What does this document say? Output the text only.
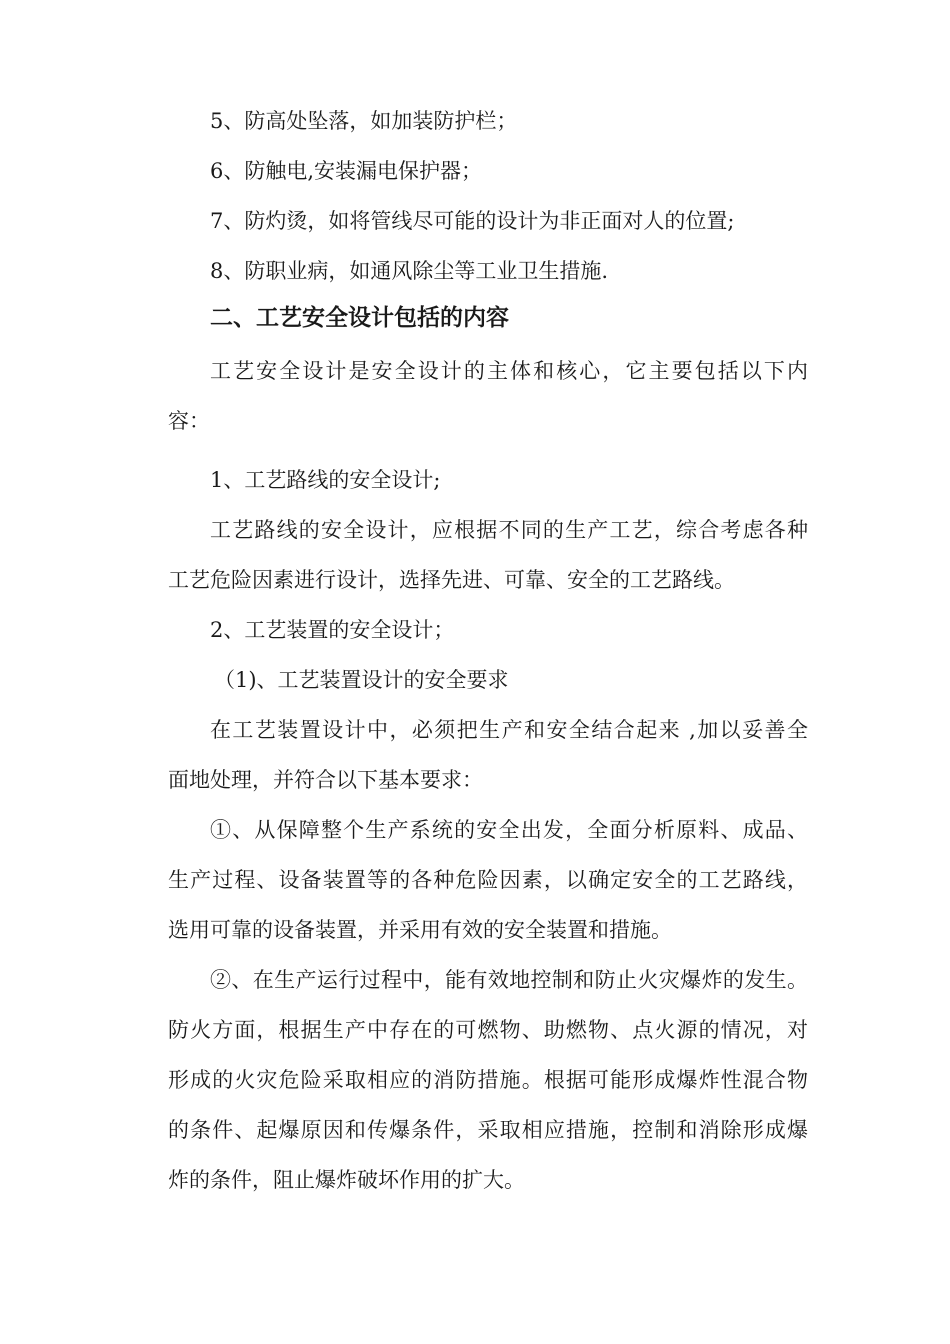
5、防高处坠落，如加装防护栏；
6、防触电,安装漏电保护器；
7、防灼烫，如将管线尽可能的设计为非正面对人的位置;
8、防职业病，如通风除尘等工业卫生措施.
二、工艺安全设计包括的内容
工艺安全设计是安全设计的主体和核心，它主要包括以下内
容：
1、工艺路线的安全设计;
工艺路线的安全设计，应根据不同的生产工艺，综合考虑各种
工艺危险因素进行设计，选择先进、可靠、安全的工艺路线。
2、工艺装置的安全设计；
（1)、工艺装置设计的安全要求
在工艺装置设计中，必须把生产和安全结合起来 ,加以妥善全
面地处理，并符合以下基本要求：
①、从保障整个生产系统的安全出发，全面分析原料、成品、
生产过程、设备装置等的各种危险因素，以确定安全的工艺路线，
选用可靠的设备装置，并采用有效的安全装置和措施。
②、在生产运行过程中，能有效地控制和防止火灾爆炸的发生。
防火方面，根据生产中存在的可燃物、助燃物、点火源的情况，对
形成的火灾危险采取相应的消防措施。根据可能形成爆炸性混合物
的条件、起爆原因和传爆条件，采取相应措施，控制和消除形成爆
炸的条件，阻止爆炸破坏作用的扩大。
